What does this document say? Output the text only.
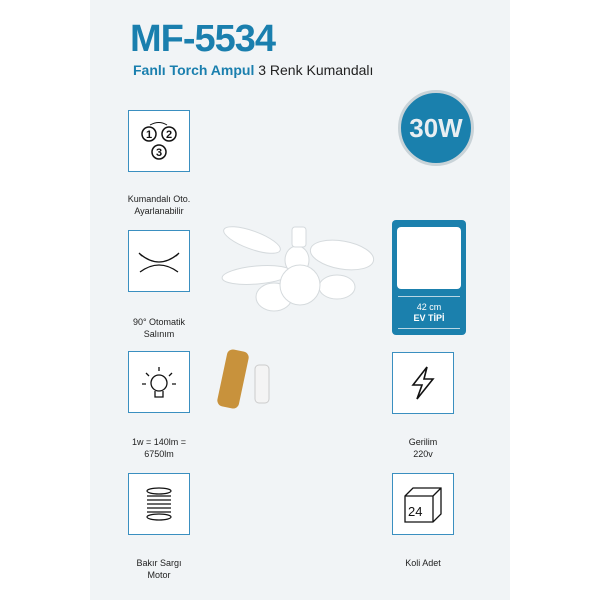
MF-5534
Fanlı Torch Ampul 3 Renk Kumandalı
30W
1 2
3
Kumandalı Oto.
Ayarlanabilir
90° Otomatik
Salınım
1w = 140lm =
6750lm
Bakır Sargı
Motor
Gerilim
220v
24
Koli Adet
42 cm
EV TİPİ
